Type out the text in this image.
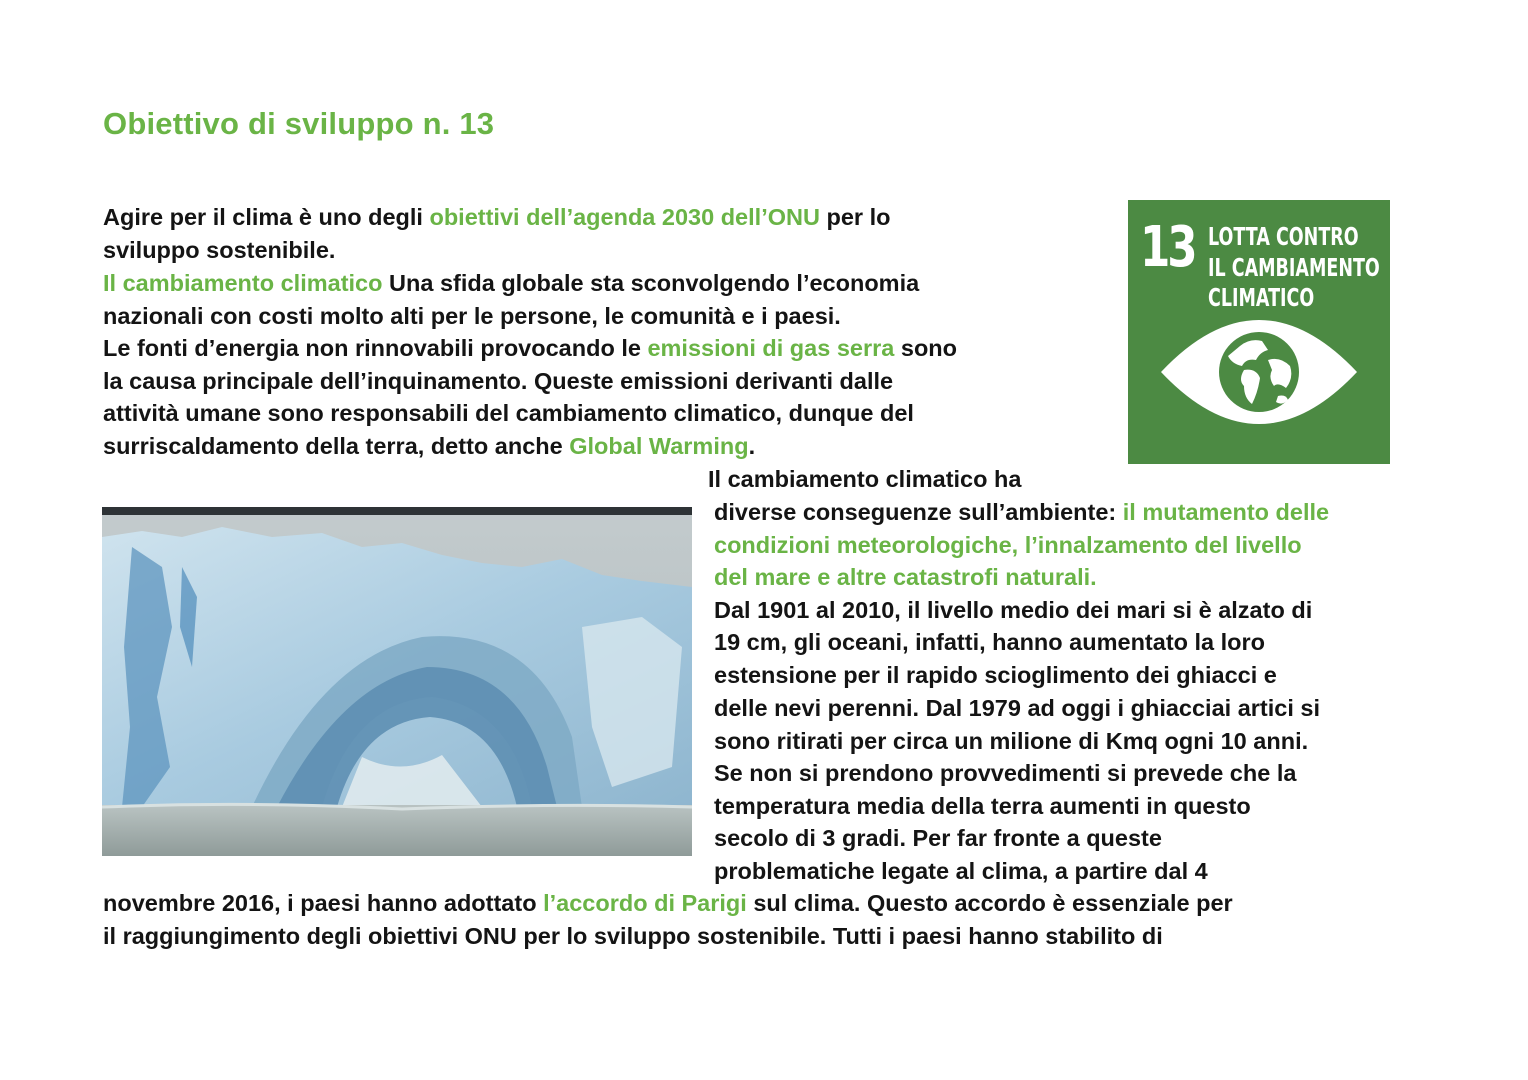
Obiettivo di sviluppo n. 13
Agire per il clima è uno degli obiettivi dell’agenda 2030 dell’ONU per lo
sviluppo sostenibile.
Il cambiamento climatico Una sfida globale sta sconvolgendo l’economia
nazionali con costi molto alti per le persone, le comunità e i paesi.
Le fonti d’energia non rinnovabili provocando le emissioni di gas serra sono
la causa principale dell’inquinamento. Queste emissioni derivanti dalle
attività umane sono responsabili del cambiamento climatico, dunque del
surriscaldamento della terra, detto anche Global Warming.
13 LOTTA CONTRO
IL CAMBIAMENTO
CLIMATICO
Il cambiamento climatico ha
diverse conseguenze sull’ambiente: il mutamento delle
condizioni meteorologiche, l’innalzamento del livello
del mare e altre catastrofi naturali.
Dal 1901 al 2010, il livello medio dei mari si è alzato di
19 cm, gli oceani, infatti, hanno aumentato la loro
estensione per il rapido scioglimento dei ghiacci e
delle nevi perenni. Dal 1979 ad oggi i ghiacciai artici si
sono ritirati per circa un milione di Kmq ogni 10 anni.
Se non si prendono provvedimenti si prevede che la
temperatura media della terra aumenti in questo
secolo di 3 gradi. Per far fronte a queste
problematiche legate al clima, a partire dal 4
novembre 2016, i paesi hanno adottato l’accordo di Parigi sul clima. Questo accordo è essenziale per
il raggiungimento degli obiettivi ONU per lo sviluppo sostenibile. Tutti i paesi hanno stabilito di
